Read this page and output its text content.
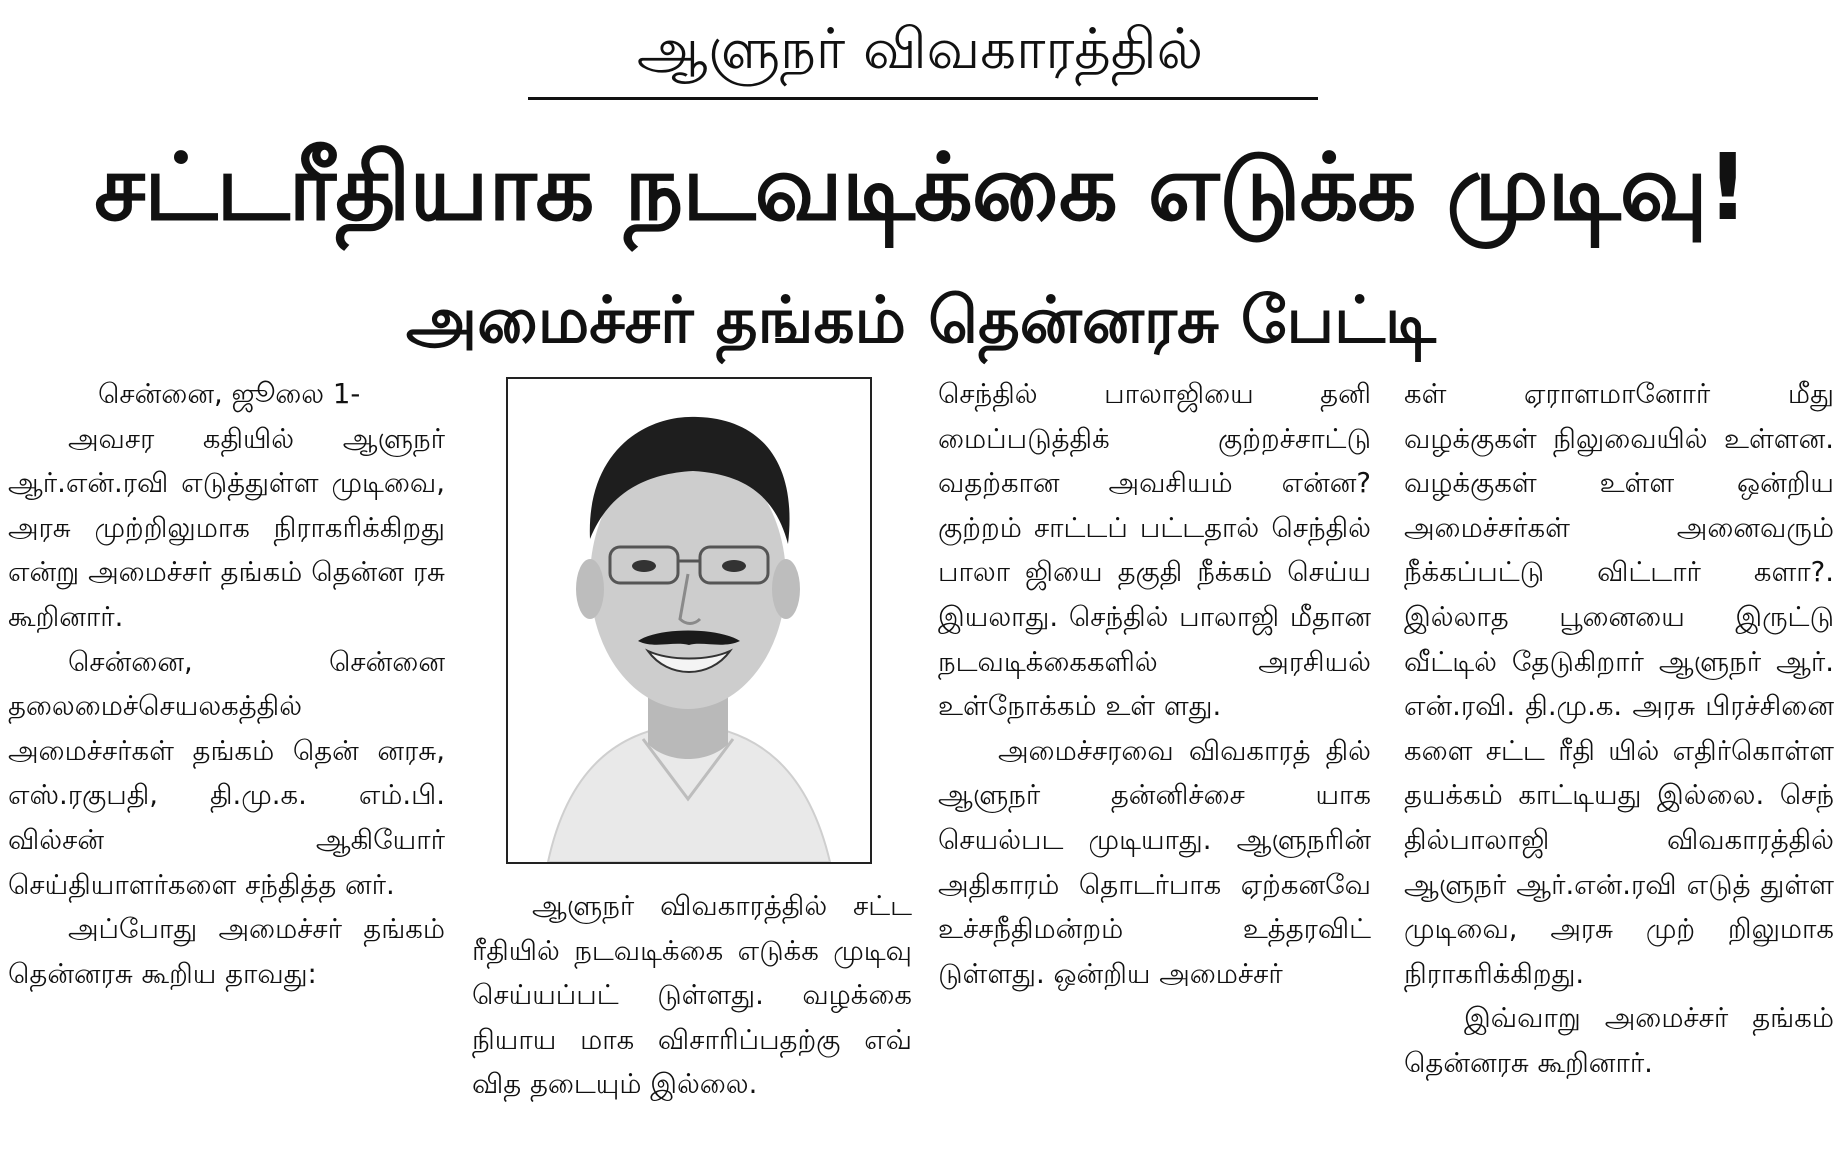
ஆளுநர் விவகாரத்தில்
சட்டரீதியாக நடவடிக்கை எடுக்க முடிவு!
அமைச்சர் தங்கம் தென்னரசு பேட்டி

சென்னை, ஜூலை 1-

அவசர கதியில் ஆளுநர் ஆர்.என்.ரவி எடுத்துள்ள முடிவை, அரசு முற்றிலுமாக நிராகரிக்கிறது என்று அமைச்சர் தங்கம் தென்ன ரசு கூறினார்.

சென்னை, சென்னை தலைமைச்செயலகத்தில் அமைச்சர்கள் தங்கம் தென் னரசு, எஸ்.ரகுபதி, தி.மு.க. எம்.பி. வில்சன் ஆகியோர் செய்தியாளர்களை சந்தித்த னர்.

அப்போது அமைச்சர் தங்கம் தென்னரசு கூறிய தாவது:

ஆளுநர் விவகாரத்தில் சட்ட ரீதியில் நடவடிக்கை எடுக்க முடிவு செய்யப்பட் டுள்ளது. வழக்கை நியாய மாக விசாரிப்பதற்கு எவ் வித தடையும் இல்லை.

செந்தில் பாலாஜியை தனி மைப்படுத்திக் குற்றச்சாட்டு வதற்கான அவசியம் என்ன? குற்றம் சாட்டப் பட்டதால் செந்தில் பாலா ஜியை தகுதி நீக்கம் செய்ய இயலாது. செந்தில் பாலாஜி மீதான நடவடிக்கைகளில் அரசியல் உள்நோக்கம் உள் ளது.

அமைச்சரவை விவகாரத் தில் ஆளுநர் தன்னிச்சை யாக செயல்பட முடியாது. ஆளுநரின் அதிகாரம் தொடர்பாக ஏற்கனவே உச்சநீதிமன்றம் உத்தரவிட் டுள்ளது. ஒன்றிய அமைச்சர்

கள் ஏராளமானோர் மீது வழக்குகள் நிலுவையில் உள்ளன. வழக்குகள் உள்ள ஒன்றிய அமைச்சர்கள் அனைவரும் நீக்கப்பட்டு விட்டார் களா?. இல்லாத பூனையை இருட்டு வீட்டில் தேடுகிறார் ஆளுநர் ஆர். என்.ரவி. தி.மு.க. அரசு பிரச்சினை களை சட்ட ரீதி யில் எதிர்கொள்ள தயக்கம் காட்டியது இல்லை. செந் தில்பாலாஜி விவகாரத்தில் ஆளுநர் ஆர்.என்.ரவி எடுத் துள்ள முடிவை, அரசு முற் றிலுமாக நிராகரிக்கிறது.

இவ்வாறு அமைச்சர் தங்கம் தென்னரசு கூறினார்.
